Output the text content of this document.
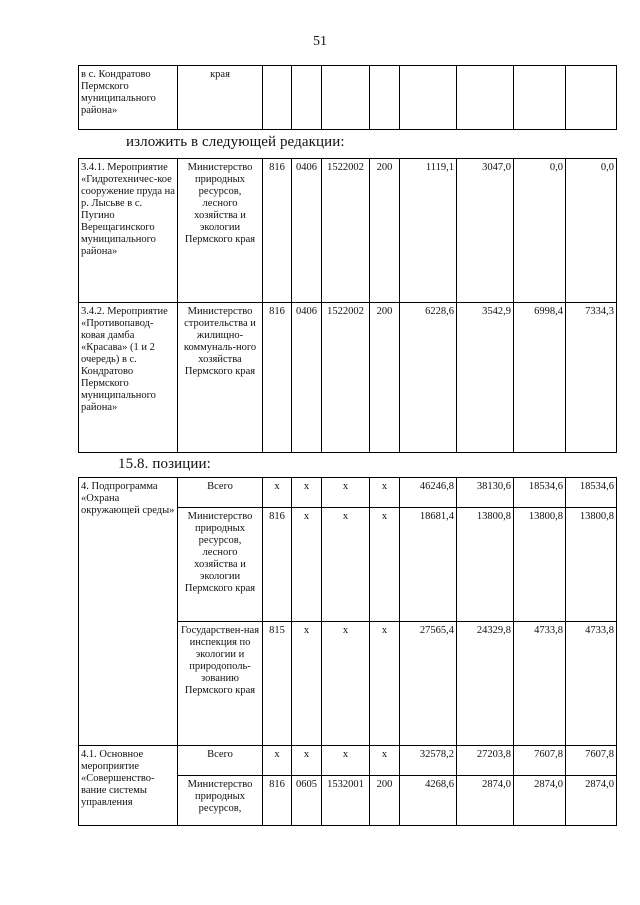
51
в с. Кондратово Пермского муниципального района»	края								
изложить в следующей редакции:
3.4.1. Мероприятие «Гидротехничес-кое сооружение пруда на р. Лысьве в с. Пугино Верещагинского муниципального района»	Министерство природных ресурсов, лесного хозяйства и экологии Пермского края	816	0406	1522002	200	1119,1	3047,0	0,0	0,0
3.4.2. Мероприятие «Противопавод-ковая дамба «Красава» (1 и 2 очередь) в с. Кондратово Пермского муниципального района»	Министерство строительства и жилищно-коммуналь-ного хозяйства Пермского края	816	0406	1522002	200	6228,6	3542,9	6998,4	7334,3
15.8. позиции:
4. Подпрограмма «Охрана окружающей среды»	Всего	x	x	x	x	46246,8	38130,6	18534,6	18534,6
	Министерство природных ресурсов, лесного хозяйства и экологии Пермского края	816	x	x	x	18681,4	13800,8	13800,8	13800,8
	Государствен-ная инспекция по экологии и природополь-зованию Пермского края	815	x	x	x	27565,4	24329,8	4733,8	4733,8
4.1. Основное мероприятие «Совершенство-вание системы управления	Всего	x	x	x	x	32578,2	27203,8	7607,8	7607,8
	Министерство природных ресурсов,	816	0605	1532001	200	4268,6	2874,0	2874,0	2874,0
